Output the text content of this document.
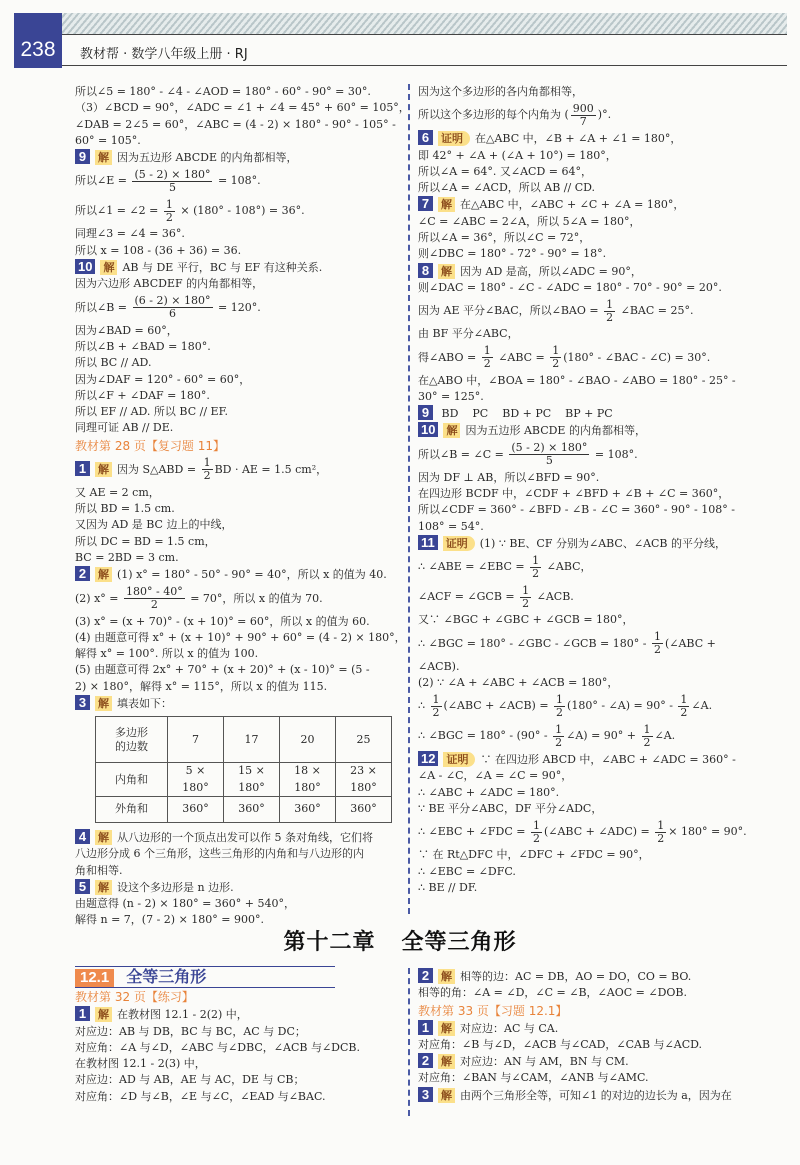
238	教材帮 · 数学八年级上册 · RJ
所以∠5 = 180° - ∠4 - ∠AOD = 180° - 60° - 90° = 30°.
（3）∠BCD = 90°，∠ADC = ∠1 + ∠4 = 45° + 60° = 105°，
∠DAB = 2∠5 = 60°，∠ABC = (4 - 2) × 180° - 90° - 105° -
60° = 105°.
9 解 因为五边形 ABCDE 的内角都相等，
所以∠E = $\frac{(5 - 2) \times 180^\circ}{5} = 108^\circ$.
所以∠1 = ∠2 = $\frac{1}{2} \times (180^\circ - 108^\circ) = 36^\circ$.
同理∠3 = ∠4 = 36°.
所以 x = 108 - (36 + 36) = 36.
10 解 AB 与 DE 平行，BC 与 EF 有这种关系.
因为六边形 ABCDEF 的内角都相等，
所以∠B = $\frac{(6 - 2) \times 180^\circ}{6} = 120^\circ$.
因为∠BAD = 60°，
所以∠B + ∠BAD = 180°.
所以 BC // AD.
因为∠DAF = 120° - 60° = 60°，
所以∠F + ∠DAF = 180°.
所以 EF // AD. 所以 BC // EF.
同理可证 AB // DE.
教材第 28 页【复习题 11】
1 解 因为 S△ABD = $\frac{1}{2}$ BD · AE = 1.5 cm²，
又 AE = 2 cm，
所以 BD = 1.5 cm.
又因为 AD 是 BC 边上的中线，
所以 DC = BD = 1.5 cm，
BC = 2BD = 3 cm.
2 解 (1) x° = 180° - 50° - 90° = 40°，所以 x 的值为 40.
(2) $x^\circ = \frac{180^\circ - 40^\circ}{2} = 70^\circ$，所以 x 的值为 70.
(3) x° = (x + 70)° - (x + 10)° = 60°，所以 x 的值为 60.
(4) 由题意可得 x° + (x + 10)° + 90° + 60° = (4 - 2) × 180°，
解得 x° = 100°. 所以 x 的值为 100.
(5) 由题意可得 2x° + 70° + (x + 20)° + (x - 10)° = (5 -
2) × 180°，解得 x° = 115°，所以 x 的值为 115.
3 解 填表如下：
多边形
的边数	7	17	20	25
内角和	5 × 180°	15 × 180°	18 × 180°	23 × 180°
外角和	360°	360°	360°	360°
4 解 从八边形的一个顶点出发可以作 5 条对角线，它们将
八边形分成 6 个三角形，这些三角形的内角和与八边形的内
角和相等.
5 解 设这个多边形是 n 边形.
由题意得 (n - 2) × 180° = 360° + 540°，
解得 n = 7，(7 - 2) × 180° = 900°.
因为这个多边形的各内角都相等，
所以这个多边形的每个内角为 ( $\frac{900}{7}$ )°.
6 证明 在△ABC 中，∠B + ∠A + ∠1 = 180°，
即 42° + ∠A + (∠A + 10°) = 180°，
所以∠A = 64°. 又∠ACD = 64°，
所以∠A = ∠ACD，所以 AB // CD.
7 解 在△ABC 中，∠ABC + ∠C + ∠A = 180°，
∠C = ∠ABC = 2∠A，所以 5∠A = 180°，
所以∠A = 36°，所以∠C = 72°，
则∠DBC = 180° - 72° - 90° = 18°.
8 解 因为 AD 是高，所以∠ADC = 90°，
则∠DAC = 180° - ∠C - ∠ADC = 180° - 70° - 90° = 20°.
因为 AE 平分∠BAC，所以∠BAO = $\frac{1}{2}$ ∠BAC = 25°.
由 BF 平分∠ABC，
得∠ABO = $\frac{1}{2}$ ∠ABC = $\frac{1}{2} (180^\circ$ - ∠BAC - ∠C) = 30°.
在△ABO 中，∠BOA = 180° - ∠BAO - ∠ABO = 180° - 25° -
30° = 125°.
9 BD PC BD + PC BP + PC
10 解 因为五边形 ABCDE 的内角都相等，
所以∠B = ∠C = $\frac{(5 - 2) \times 180^\circ}{5} = 108^\circ$.
因为 DF ⊥ AB，所以∠BFD = 90°.
在四边形 BCDF 中，∠CDF + ∠BFD + ∠B + ∠C = 360°，
所以∠CDF = 360° - ∠BFD - ∠B - ∠C = 360° - 90° - 108° -
108° = 54°.
11 证明 (1) ∵ BE、CF 分别为∠ABC、∠ACB 的平分线，
∴ ∠ABE = ∠EBC = $\frac{1}{2}$ ∠ABC，
∠ACF = ∠GCB = $\frac{1}{2}$ ∠ACB.
又∵ ∠BGC + ∠GBC + ∠GCB = 180°，
∴ ∠BGC = 180° - ∠GBC - ∠GCB = $180^\circ - \frac{1}{2}$ (∠ABC +
∠ACB).
(2) ∵ ∠A + ∠ABC + ∠ACB = 180°，
∴ $\frac{1}{2}$ (∠ABC + ∠ACB) = $\frac{1}{2} (180^\circ$ - ∠A) = $90^\circ - \frac{1}{2}$ ∠A.
∴ ∠BGC = $180^\circ - (90^\circ - \frac{1}{2}$ ∠A) = $90^\circ + \frac{1}{2}$ ∠A.
12 证明 ∵ 在四边形 ABCD 中，∠ABC + ∠ADC = 360° -
∠A - ∠C，∠A = ∠C = 90°，
∴ ∠ABC + ∠ADC = 180°.
∵ BE 平分∠ABC，DF 平分∠ADC，
∴ ∠EBC + ∠FDC = $\frac{1}{2}$ (∠ABC + ∠ADC) = $\frac{1}{2} \times 180^\circ = 90^\circ$.
∵ 在 Rt△DFC 中，∠DFC + ∠FDC = 90°，
∴ ∠EBC = ∠DFC.
∴ BE // DF.
第十二章 全等三角形
12.1 全等三角形
教材第 32 页【练习】
1 解 在教材图 12.1 - 2(2) 中，
对应边：AB 与 DB，BC 与 BC，AC 与 DC；
对应角：∠A 与∠D，∠ABC 与∠DBC，∠ACB 与∠DCB.
在教材图 12.1 - 2(3) 中，
对应边：AD 与 AB，AE 与 AC，DE 与 CB；
对应角：∠D 与∠B，∠E 与∠C，∠EAD 与∠BAC.
2 解 相等的边：AC = DB，AO = DO，CO = BO.
相等的角：∠A = ∠D，∠C = ∠B，∠AOC = ∠DOB.
教材第 33 页【习题 12.1】
1 解 对应边：AC 与 CA.
对应角：∠B 与∠D，∠ACB 与∠CAD，∠CAB 与∠ACD.
2 解 对应边：AN 与 AM，BN 与 CM.
对应角：∠BAN 与∠CAM，∠ANB 与∠AMC.
3 解 由两个三角形全等，可知∠1 的对边的边长为 a，因为在
